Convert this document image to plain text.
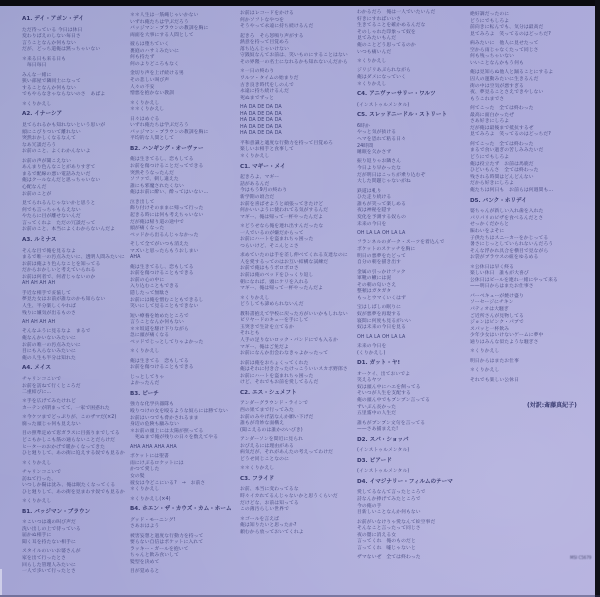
A1. デイ・アポン・デイ
ただ待っている 今日は休日
変わりばえのしない毎日さ
言うことなんか何もない
だが、どっち道俺は黙っちゃいない
＊来る日も来る日も
　毎日毎日
みんな一緒に
狭い部屋で隣同士になって
することなんか何もない
でもやらなきゃならないのさ　あばよ
＊くりかえし
A2. イナーシア
見てられるかも知れないという思いが
頭にこびりついて離れない
突然おかしくなるなんて
なあ冗談だろう
お前のこと、よくわかんないよ
お前の声が聞こえない
あんまり色んなことがありすぎて
まるで配線の悪い電話みたいだ
俺はクールなんだと思っちゃいない
心配なんだ
お前のことが
見てられるんじゃないかと思うと
何でも言っちゃもらえない
やたらに目が離せないんだ
言ってくれよ　ただの冗談だって
お前のこと、本当によくわからないんだよ
A3. ルミナス
そんな目で俺を見るなよ
まるで唯一の汚点みたいに、透明人間みたいに
お前は俺より色んなことを知ってる
だからおかしいと考えていられる
お前は何者で、何者じゃないのか
AH AH AH AH
手近な相手で妥協して
夢見た女はお前が誰なのかも知らない
人生、半分楽しくやれば
残りに嫌気が出るものさ
AH AH AH AH
そんなふうに見るなよ　まるで
俺なんかいないみたいに
お前の唯一の汚点みたいに
目にも入らないみたいに
俺の人生も半分は知れた
A4. メイス
チャリンコこいで
お前を訪ねて行くところだ
二重結びに…
＊手を広げてみたけれど
カーテンが閉まってて、一家で困惑れた
＊今ケツまでどっぷりが、このザマだ(×2)
腐った頭じゃ何も見えない
目の照準定めて窓ガラスに目張りまでしてる
どこもかしこも筋の通らないことだらけだ
ヒーターのおかげで暖かくなってきた
ひと廻りして、あの街に迫えする奴でも見るか
＊くりかえし
チャリンコこいで
訪ねて行った、
いつしか陽は沈み、俺は眠たくなってくる
ひと廻りして、あの街を見まわす奴でも見るか
＊くりかえし
B1. バッジマン・ブラウン
＊こいつは魂の叫び声だ
洗い出しの上で待っている
届かぬ相手に
聞く耳を持たない相手に
スタイルのいいお婆さんが
家を出て行ったとさ
回らした管理人みたいに
一人で歩いて行ったとさ
＊＊人生は一筋縄じゃいかない
いずれ俺たちは学ぶだろう
バッジマン・ブラウンの教訓を胸に
両面を大事にする人間として
彼らは堕ちていく
裏庭のハサミみたいに
何も持たず
何のよりどころもなく
金切り声を上げ続ける男
その悲しい叫び声
人々の不安
憎悪を抱かない教訓
＊くりかえし
＊＊くりかえし
日々はめぐる
いずれ俺たちは学ぶだろう
バッジマン・ブラウンの教訓を胸に
平均的な人間として
B2. ハンギング・オーヴァー
俺は生きてるし、恋もしてる
お前を傷つけることだってできる
突然そうなったんだ
ソファで、刺し違えた
誰にも邪魔されたくない
俺はお前に酔い、酔ってはいない…
泣き出して
飾り付けそのままに帰って行った
起きる時には何も考えちゃいない
だが俺は帰り道の途中で
頭が痛くなった
ベッドから出るんじゃなかった
そして全てがいつも消えた
マズいと思ったらもうおしまい
AHA
俺は生きてるし、恋もしてる
お前を傷つけることもできる
お前の心の中に
入り込むこともできる
隠したって無駄さ
お前には俺を憎むこともできるし
笑いにして見ることもできない
短い療養を始めたところで
言うことなんか何もない
＊＊坂道を駆け下りながら
急に頭が痛くなる
ベッドでじっとしてりゃよかった
＊くりかえし
俺は生きてる　恋もしてる
お前を傷つけることもできる
じっとしてりゃ
よかったんだ
B3. ピーチ
強力な化学兵器隊も
殴りつけの女を殴るような奴らには勝てない
お前はいつでも脅かされるまま
身辺の危険も顧みない
＊お前の頭上には太陽が照ってる
　死ぬまで俺が残りの日々を数えてやる
AHA AHA AHA AHA
ポケットには聖書
雨にけぶるロケットには
かつて愛した
女の髪
彼女は今どこにいる?　→　お前さ
＊くりかえし
＊くりかえし(×4)
B4. ホエン・ザ・カウズ・カム・ホーム
グッド・モーニング!
さあおはよう
被害妄想と過度な行動力を持って
要らない自信はポケットに入れて
ラッキー・ガールを抱いて
ちゃんと飲み食いして
髪型を決めて
目が覚めると
お前はレコードをかける
何かソフトなやつを
そうやって永遠に持ち続けるんだ
起きろ　そら怒鳴り声がする
熱意を持って目覚めろ
落ち込んじゃいけない
守銭奴なんてお前は、笑いものにすることはない
その界隈一の名士になれるかも知れないんだから
＊一日の終わり
ワルツ・タイムの始まりだ
古き良き時代をしのんで
永遠に持ち続けるんだ
死ぬまでずっと
HA DA DE DA DA
HA DA DE DA DA
HA DA DE DA DA
HA DA DE DA DA
HA DA DE DA DA
平和意識と適度な行動力を持って目覚めろ
楽しいお相手と食事して
＊くりかえし
C1. マギー・メイ
起きろよ、マギー
話があるんだ
今はもう9月の終わり
新学期の頃合だ
お前を喜ばせようと頑張ってきたけど
何かいいように使われてる気がするんだ
マギー、俺は帰って一杯やったんだよ
＊どうせなら俺を連れ出すんだったな
一人でいるのが嫌だからって
お前にハートを盗まれちゃ困った
つらいけど、そこんとこさ
求めていたのは手を差し伸べてくれる友達なのに
人を愛するってのはお互い結構な試練だ
お前で俺はもうボロボロさ
お前は俺のベッドをひっくり返し
朝になれば、頭にケリを入れる
マギー、俺は帰って一杯やったんだよ
＊くりかえし
どうしても諦められないんだ
教科書抱えて学校に戻った方がいいかもしれない
ビリヤードのキューを手にして
玉突きで生計を立てるか
それとも
人手の足りないロック・バンドにでも入るか
マギー、俺はご免だよ
お前になんか出会わなきゃよかったって
お前は俺をおちょくってくれた
俺はそれに付き合ったけっこういいスカポ野郎さ
お前にハートを盗まれちゃ困った
けど、それでもお前を愛してるんだ
C2. エス・シュメフト
アンダーグラウンド・ラインで
西の果てまで行ってみた
お前のみやげ話なんか願い下げだ
誰もが奇妙な面構え
(聞こえるのは誰かのいびき)
アンダーソンを間近に見られ
おびえるには理由がある
病気だが、それがあんたの考えってわけだ
どうせ同じことなのに
＊＊くりかえし
C3. フライド
お前、本当に変わってるな
時々イカれてるんじゃないかと思うくらいだ
だけどな、お前は知ってる
この薄汚らしい世界で
＊ゴールを言えば
俺は知りたいと思ったか?
頼むから放っておいてくれよ
わかるだろ　俺は一人でいたいんだ
好きにすればいいさ
生きてることを確かめるんだな
そのしゃれた印象って奴を
見てみたいもんだ
俺のことどう思ってるのか
いつも痛いんだ
＊くりかえし
ジリジリあぶられながら
俺はダメになっていく
＊くりかえし
C4. アニヴァーサリー・ワルツ
(インストゥルメンタル)
C5. スレッドニードル・ストリート
6時か
やっと気が抜ける
ヘマを恐れて粘る日々
24時間
睡眠を欠かさず
振り返りゃお隣さん
今日より早かったな
だが明日はこっちが乗り込むぞ
大した問題じゃないがね
鉄道は軋り
ひた走り続ける
誰もが笑って楽しめる
夜は神秘を隠す
変化を予測する奴らの
未来の今日を
OH LA LA OH LA LA
フランネルのダーク・スーツを着込んで
ポケットのスケッチを胸に
明日の悪夢をたどって
自分の朝を描き出す
金属の引っかけフック
軍靴の轍には泥
その朝の匂いさえ
整頓はガタガタ
もっとウマくいくはず
宝はしばしの眠りに
奴が悪夢を再現する
寝間に何度も見るがいい
奴は未来の今日を見る
OH LA LA OH LA LA
未来の今日を
(くりかえし)
D1. ガット・ヤ!
オーケイ、出ておいでよ
笑えるヤツ
奴は頭ん中にハエを飼ってる
そいつが人生を支配する
俺の頭ん中でもブンブン言ってる
ずいぶん長かった
五里霧中の人生だ
誰もがブンブン文句を言ってる
——さあ捕まえた!
D2. スパ・ショッパ
(インストゥルメンタル)
D3. ビアード
(インストゥルメンタル)
D4. イマジナリー・フィルムのテーマ
愛してるなんて言ったところで
詩なんか捧げてみたところで
今の俺の手
目新しいことなんか何もない
お前がいなけりゃ愛なんて絵空事だ
そんなこと言ったって同じさ
夜の闇に消える女
言ってくれ　俺のものだと
言ってくれ　嘘じゃないと
ザマないぜ　全ては終わった
絶好調だったのに
どうにでもしろよ
前向きに転んでも、気分は最高だ
見てみろよ　笑ってるのはどっちだ?
病みたいに　他人に見せたって
空から雨じゃなくたって同じさ
何も残っちゃいない
いいことなんかもう何も
俺は見知らぬ他人と踊ることにするよ
囚人の運動みたいに生きるんだ
街の中は空気が悪すぎる
夜、夢見ることさえできやしない
もうこれまでさ
何てこった　全ては終わった
最高に面白かったぜ
さあ好きにしろよ
だが俺は最後まで抵抗するぜ
見てみろよ　笑ってるのはどっちだ?
何てこった　全ては終わった
まるで食い過ぎの苦しみみたいだ
どうにでもしろよ
俺は役立たず　お前は馬鹿だ
ひどいもんさ　全ては終わった
残される時間はどんどんない
だから好きにしろよ
俺たちは何日も　お前らは何週間も…
D5. バンク・ホリデイ
婆ちゃんが新しい入れ歯を入れた
パリパリのピザを食べるんだとさ
せっかくだからと
賑わいをよそに
子供たちはスニーカーをかじってる
暑さにじっとしていられないんだろう
そんな浮かれ具合を横目で見ながら
お袋がブラウスの紐をゆるめる
＊公休日は早く終る
楽しい休日　誰もが大喜び
公休日はビールを連れ一緒にやって来る
——明日からはまたお仕事さ
バーベキューが焼け盛り
ソーセージにチキン
パティオは大騒ぎ
ご近所さんが見物してる
ジョンはピンク・パブで
スパッと一杯飲み
少年少女はいけないゲームに夢中
通りはみんな似たような騒ぎさ
＊くりかえし
明日からはまたお仕事
＊くりかえし
それでも楽しい公休日
(対訳:斎藤真紀子)
MSI C5679
